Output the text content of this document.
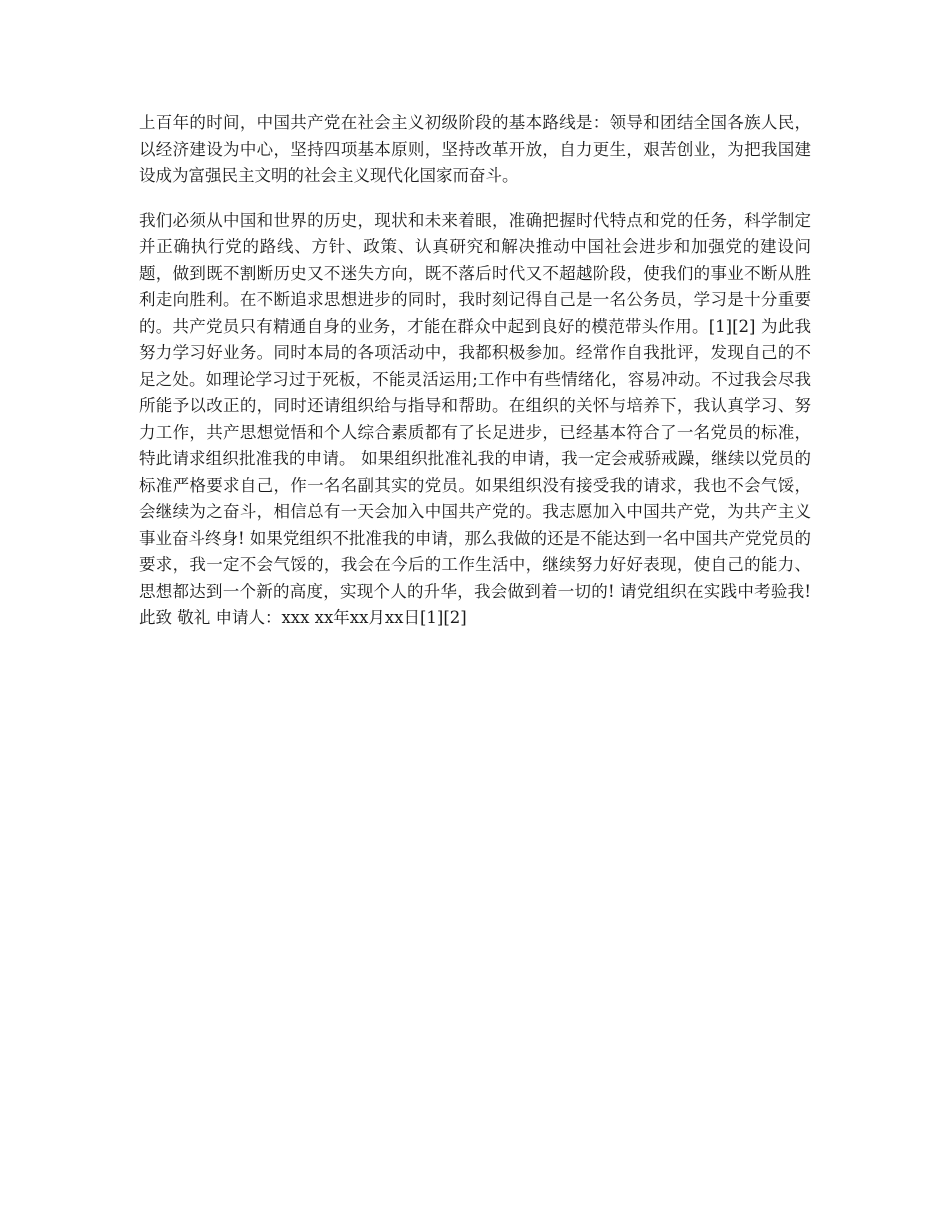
上百年的时间，中国共产党在社会主义初级阶段的基本路线是：领导和团结全国各族人民，以经济建设为中心，坚持四项基本原则，坚持改革开放，自力更生，艰苦创业，为把我国建设成为富强民主文明的社会主义现代化国家而奋斗。

我们必须从中国和世界的历史，现状和未来着眼，准确把握时代特点和党的任务，科学制定并正确执行党的路线、方针、政策、认真研究和解决推动中国社会进步和加强党的建设问题，做到既不割断历史又不迷失方向，既不落后时代又不超越阶段，使我们的事业不断从胜利走向胜利。在不断追求思想进步的同时，我时刻记得自己是一名公务员，学习是十分重要的。共产党员只有精通自身的业务，才能在群众中起到良好的模范带头作用。[1][2] 为此我努力学习好业务。同时本局的各项活动中，我都积极参加。经常作自我批评，发现自己的不足之处。如理论学习过于死板，不能灵活运用;工作中有些情绪化，容易冲动。不过我会尽我所能予以改正的，同时还请组织给与指导和帮助。在组织的关怀与培养下，我认真学习、努力工作，共产思想觉悟和个人综合素质都有了长足进步，已经基本符合了一名党员的标准，特此请求组织批准我的申请。 如果组织批准礼我的申请，我一定会戒骄戒躁，继续以党员的标准严格要求自己，作一名名副其实的党员。如果组织没有接受我的请求，我也不会气馁，会继续为之奋斗，相信总有一天会加入中国共产党的。我志愿加入中国共产党，为共产主义事业奋斗终身! 如果党组织不批准我的申请，那么我做的还是不能达到一名中国共产党党员的要求，我一定不会气馁的，我会在今后的工作生活中，继续努力好好表现，使自己的能力、思想都达到一个新的高度，实现个人的升华，我会做到着一切的! 请党组织在实践中考验我! 此致 敬礼 申请人：xxx xx年xx月xx日[1][2]
